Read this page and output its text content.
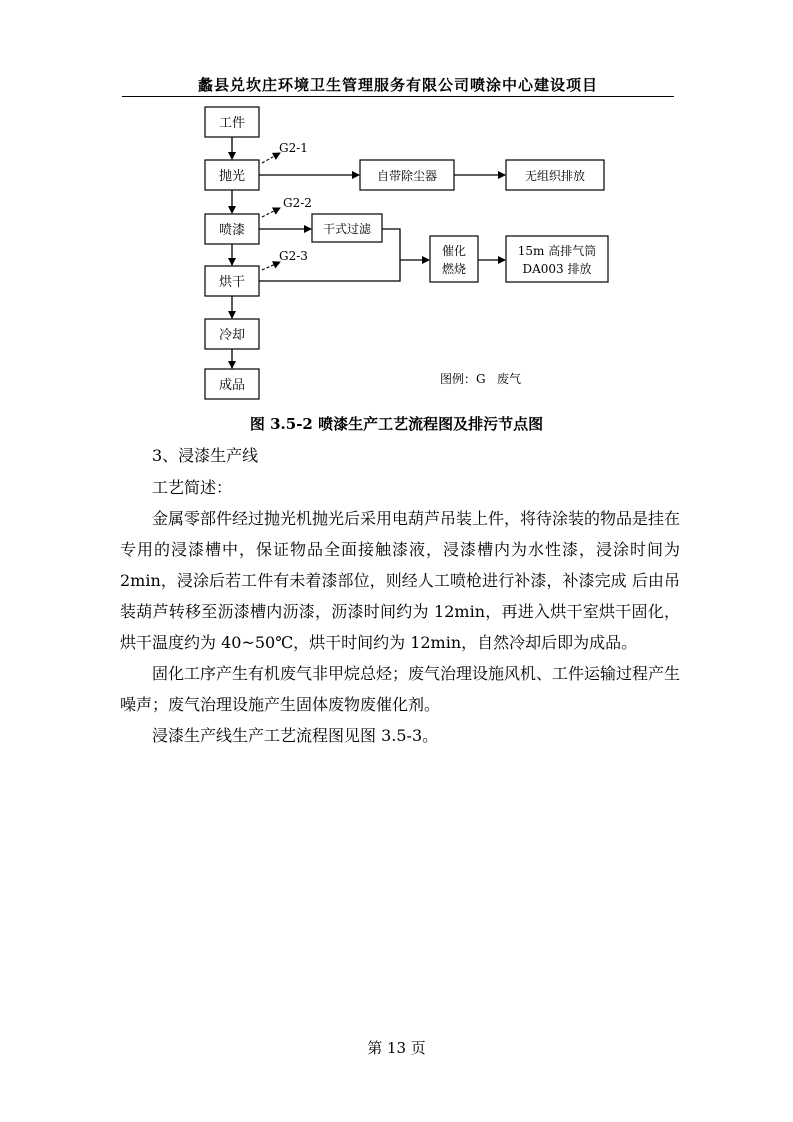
蠡县兑坎庄环境卫生管理服务有限公司喷涂中心建设项目
工件
抛光
喷漆
烘干
冷却
成品
G2-1
G2-2
G2-3
自带除尘器	无组织排放
干式过滤
催化
燃烧
15m 高排气筒
DA003 排放
图例：G   废气
图 3.5-2 喷漆生产工艺流程图及排污节点图
3、浸漆生产线
工艺简述：
金属零部件经过抛光机抛光后采用电葫芦吊装上件，将待涂装的物品是挂在专用的浸漆槽中，保证物品全面接触漆液，浸漆槽内为水性漆，浸涂时间为 2min，浸涂后若工件有未着漆部位，则经人工喷枪进行补漆，补漆完成 后由吊装葫芦转移至沥漆槽内沥漆，沥漆时间约为 12min，再进入烘干室烘干固化，烘干温度约为 40~50℃，烘干时间约为 12min，自然冷却后即为成品。
固化工序产生有机废气非甲烷总烃；废气治理设施风机、工件运输过程产生噪声；废气治理设施产生固体废物废催化剂。
浸漆生产线生产工艺流程图见图 3.5-3。
第 13 页
